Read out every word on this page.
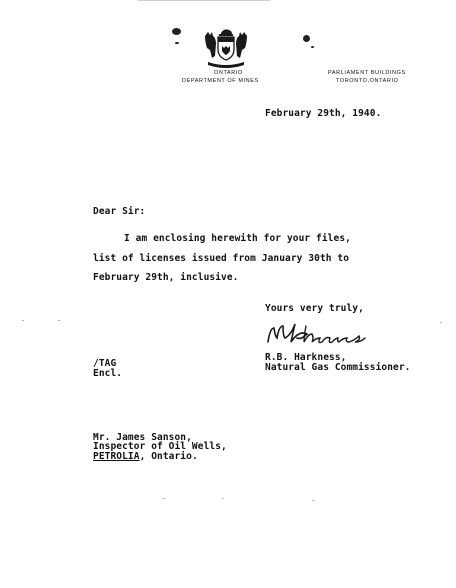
ONTARIO
DEPARTMENT OF MINES
PARLIAMENT BUILDINGS
TORONTO,ONTARIO
February 29th, 1940.
Dear Sir:
I am enclosing herewith for your files,
list of licenses issued from January 30th to
February 29th, inclusive.
Yours very truly,
R.B. Harkness,
Natural Gas Commissioner.
/TAG
Encl.
Mr. James Sanson,
Inspector of Oil Wells,
PETROLIA, Ontario.
